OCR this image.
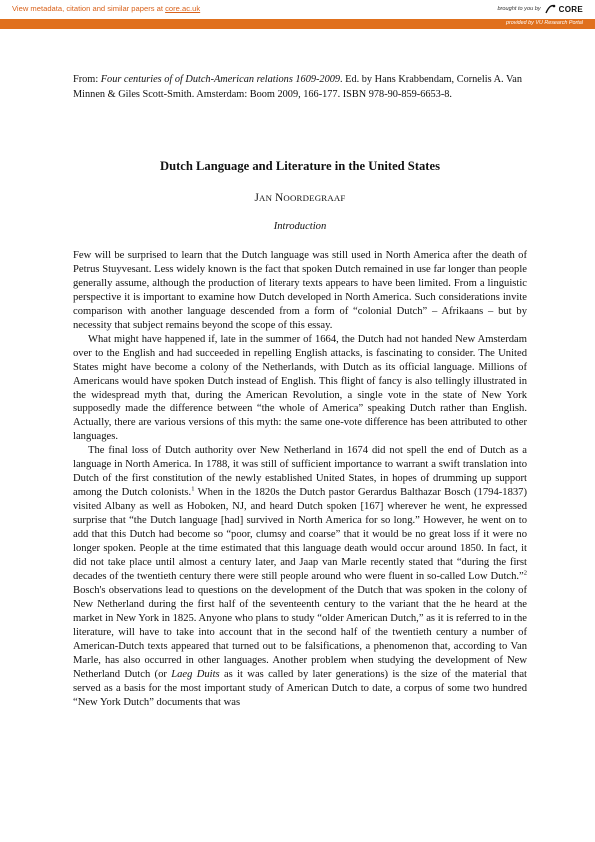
View metadata, citation and similar papers at core.ac.uk	brought to you by CORE
provided by VU Research Portal

From: Four centuries of of Dutch-American relations 1609-2009. Ed. by Hans Krabbendam, Cornelis A. Van Minnen & Giles Scott-Smith. Amsterdam: Boom 2009, 166-177. ISBN 978-90-859-6653-8.

Dutch Language and Literature in the United States
JAN NOORDEGRAAF
Introduction

Few will be surprised to learn that the Dutch language was still used in North America after the death of Petrus Stuyvesant. Less widely known is the fact that spoken Dutch remained in use far longer than people generally assume, although the production of literary texts appears to have been limited. From a linguistic perspective it is important to examine how Dutch developed in North America. Such considerations invite comparison with another language descended from a form of “colonial Dutch” – Afrikaans – but by necessity that subject remains beyond the scope of this essay.

What might have happened if, late in the summer of 1664, the Dutch had not handed New Amsterdam over to the English and had succeeded in repelling English attacks, is fascinating to consider. The United States might have become a colony of the Netherlands, with Dutch as its official language. Millions of Americans would have spoken Dutch instead of English. This flight of fancy is also tellingly illustrated in the widespread myth that, during the American Revolution, a single vote in the state of New York supposedly made the difference between “the whole of America” speaking Dutch rather than English. Actually, there are various versions of this myth: the same one-vote difference has been attributed to other languages.

The final loss of Dutch authority over New Netherland in 1674 did not spell the end of Dutch as a language in North America. In 1788, it was still of sufficient importance to warrant a swift translation into Dutch of the first constitution of the newly established United States, in hopes of drumming up support among the Dutch colonists.$^1$ When in the 1820s the Dutch pastor Gerardus Balthazar Bosch (1794-1837) visited Albany as well as Hoboken, NJ, and heard Dutch spoken [167] wherever he went, he expressed surprise that “the Dutch language [had] survived in North America for so long.” However, he went on to add that this Dutch had become so “poor, clumsy and coarse” that it would be no great loss if it were no longer spoken. People at the time estimated that this language death would occur around 1850. In fact, it did not take place until almost a century later, and Jaap van Marle recently stated that “during the first decades of the twentieth century there were still people around who were fluent in so-called Low Dutch.”$^2$ Bosch's observations lead to questions on the development of the Dutch that was spoken in the colony of New Netherland during the first half of the seventeenth century to the variant that the he heard at the market in New York in 1825. Anyone who plans to study “older American Dutch,” as it is referred to in the literature, will have to take into account that in the second half of the twentieth century a number of American-Dutch texts appeared that turned out to be falsifications, a phenomenon that, according to Van Marle, has also occurred in other languages. Another problem when studying the development of New Netherland Dutch (or Laeg Duits as it was called by later generations) is the size of the material that served as a basis for the most important study of American Dutch to date, a corpus of some two hundred “New York Dutch” documents that was
